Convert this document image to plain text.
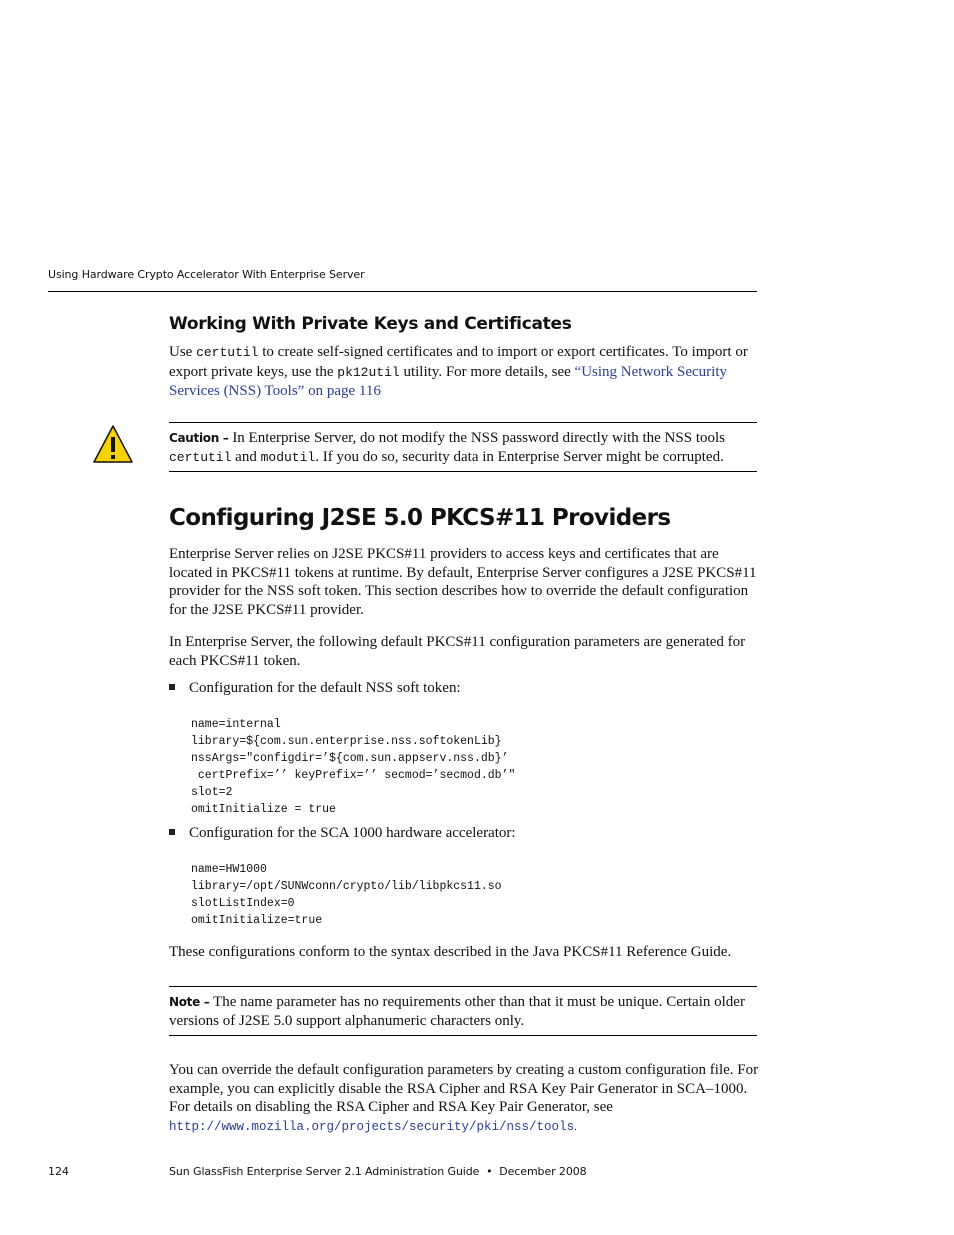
Using Hardware Crypto Accelerator With Enterprise Server
Working With Private Keys and Certificates
Use certutil to create self-signed certificates and to import or export certificates. To import or export private keys, use the pk12util utility. For more details, see “Using Network Security Services (NSS) Tools” on page 116
Caution – In Enterprise Server, do not modify the NSS password directly with the NSS tools certutil and modutil. If you do so, security data in Enterprise Server might be corrupted.
Configuring J2SE 5.0 PKCS#11 Providers
Enterprise Server relies on J2SE PKCS#11 providers to access keys and certificates that are located in PKCS#11 tokens at runtime. By default, Enterprise Server configures a J2SE PKCS#11 provider for the NSS soft token. This section describes how to override the default configuration for the J2SE PKCS#11 provider.
In Enterprise Server, the following default PKCS#11 configuration parameters are generated for each PKCS#11 token.
Configuration for the default NSS soft token:
name=internal
library=${com.sun.enterprise.nss.softokenLib}
nssArgs="configdir=’${com.sun.appserv.nss.db}’
certPrefix=’’ keyPrefix=’’ secmod=’secmod.db’"
slot=2
omitInitialize = true
Configuration for the SCA 1000 hardware accelerator:
name=HW1000
library=/opt/SUNWconn/crypto/lib/libpkcs11.so
slotListIndex=0
omitInitialize=true
These configurations conform to the syntax described in the Java PKCS#11 Reference Guide.
Note – The name parameter has no requirements other than that it must be unique. Certain older versions of J2SE 5.0 support alphanumeric characters only.
You can override the default configuration parameters by creating a custom configuration file. For example, you can explicitly disable the RSA Cipher and RSA Key Pair Generator in SCA–1000. For details on disabling the RSA Cipher and RSA Key Pair Generator, see
http://www.mozilla.org/projects/security/pki/nss/tools.
124	Sun GlassFish Enterprise Server 2.1 Administration Guide  •  December 2008
